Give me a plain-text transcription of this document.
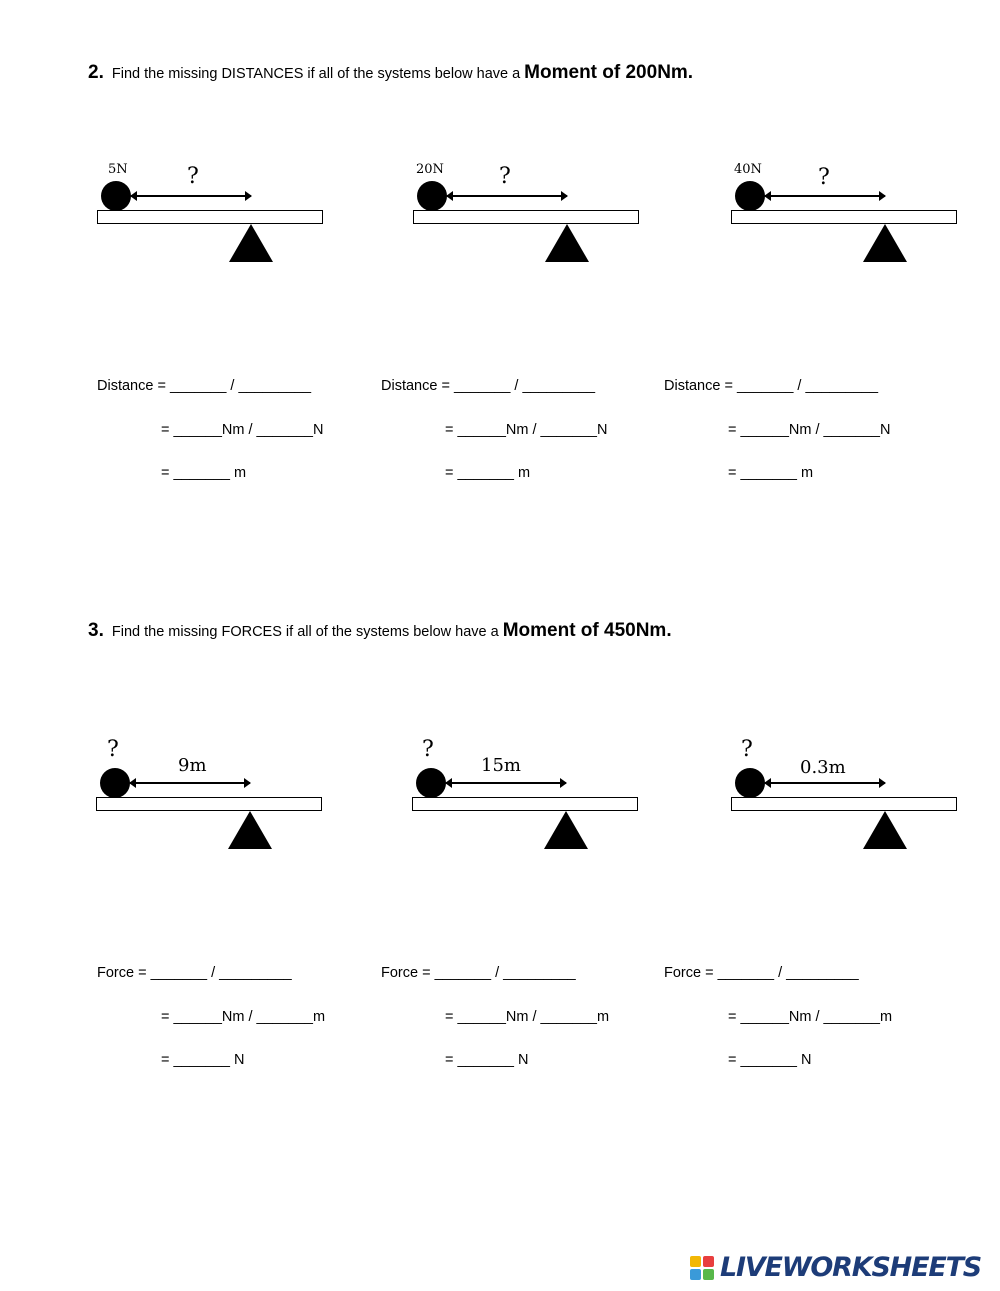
2. Find the missing DISTANCES if all of the systems below have a Moment of 200Nm.
5N	?	20N	?	40N	?
Distance = _______ / _________
= ______Nm / _______N
= _______ m
Distance = _______ / _________
= ______Nm / _______N
= _______ m
Distance = _______ / _________
= ______Nm / _______N
= _______ m
3. Find the missing FORCES if all of the systems below have a Moment of 450Nm.
?
9m
?
15m
?
0.3m
Force = _______ / _________
= ______Nm / _______m
= _______ N
Force = _______ / _________
= ______Nm / _______m
= _______ N
Force = _______ / _________
= ______Nm / _______m
= _______ N
LIVEWORKSHEETS
